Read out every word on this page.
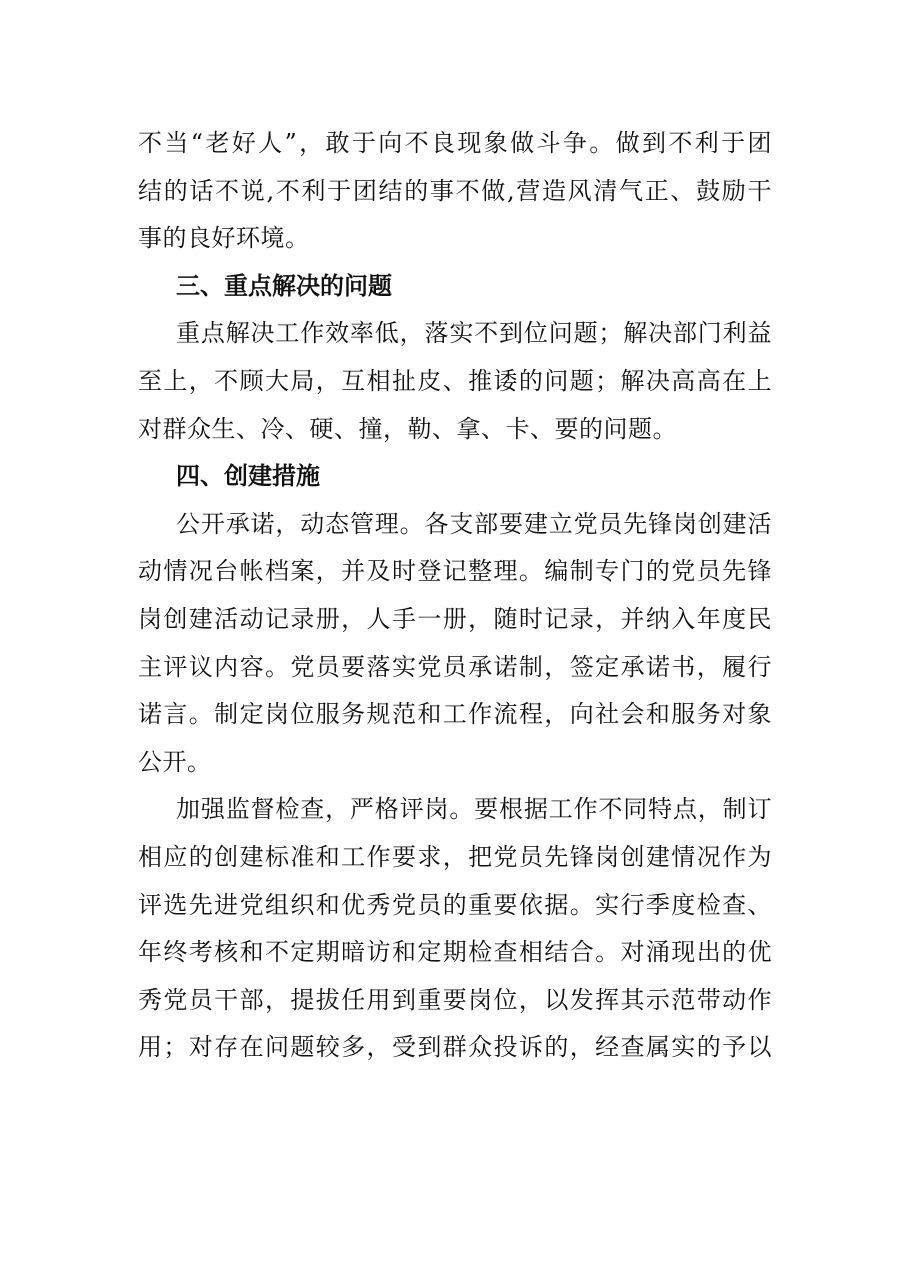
不当“老好人”，敢于向不良现象做斗争。做到不利于团
结的话不说,不利于团结的事不做,营造风清气正、鼓励干
事的良好环境。
三、重点解决的问题
重点解决工作效率低，落实不到位问题；解决部门利益
至上，不顾大局，互相扯皮、推诿的问题；解决高高在上
对群众生、冷、硬、撞，勒、拿、卡、要的问题。
四、创建措施
公开承诺，动态管理。各支部要建立党员先锋岗创建活
动情况台帐档案，并及时登记整理。编制专门的党员先锋
岗创建活动记录册，人手一册，随时记录，并纳入年度民
主评议内容。党员要落实党员承诺制，签定承诺书，履行
诺言。制定岗位服务规范和工作流程，向社会和服务对象
公开。
加强监督检查，严格评岗。要根据工作不同特点，制订
相应的创建标准和工作要求，把党员先锋岗创建情况作为
评选先进党组织和优秀党员的重要依据。实行季度检查、
年终考核和不定期暗访和定期检查相结合。对涌现出的优
秀党员干部，提拔任用到重要岗位，以发挥其示范带动作
用；对存在问题较多，受到群众投诉的，经查属实的予以
